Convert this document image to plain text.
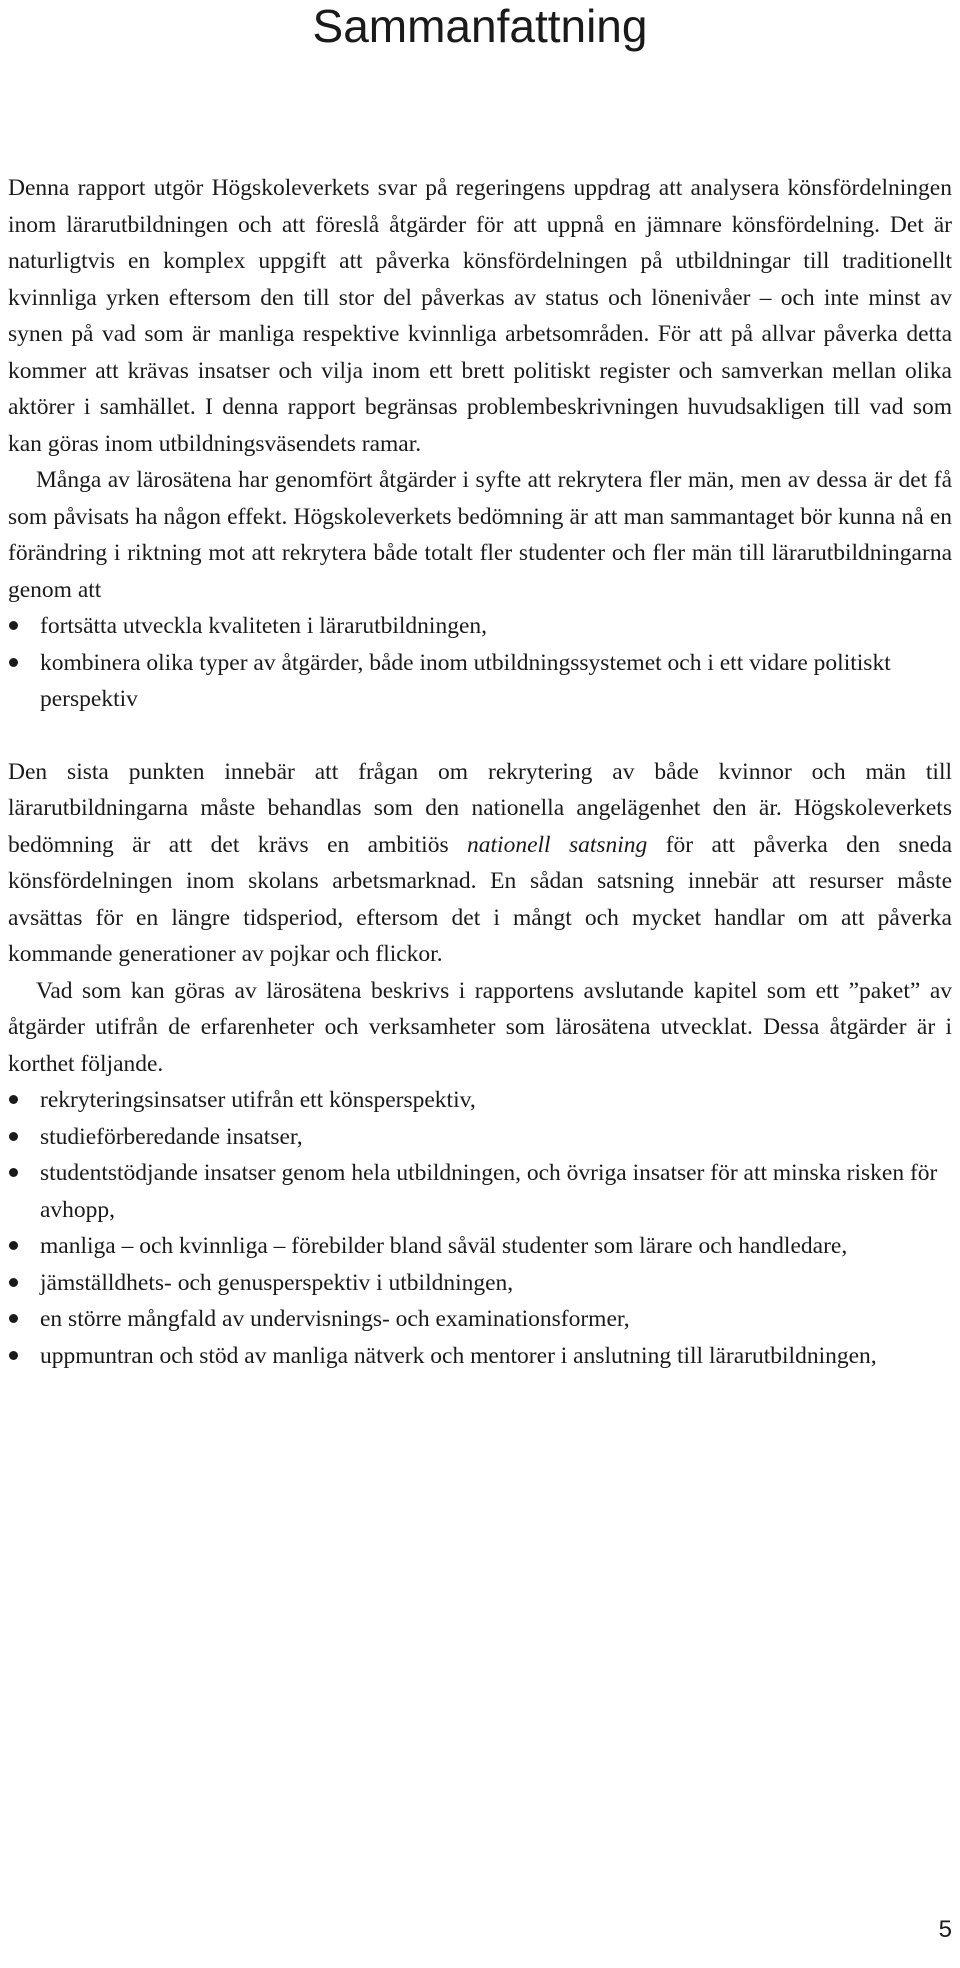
Sammanfattning

Denna rapport utgör Högskoleverkets svar på regeringens uppdrag att analysera könsfördelningen inom lärarutbildningen och att föreslå åtgärder för att uppnå en jämnare könsfördelning. Det är naturligtvis en komplex uppgift att påverka könsfördelningen på utbildningar till traditionellt kvinnliga yrken eftersom den till stor del påverkas av status och lönenivåer – och inte minst av synen på vad som är manliga respektive kvinnliga arbetsområden. För att på allvar påverka detta kommer att krävas insatser och vilja inom ett brett politiskt register och samverkan mellan olika aktörer i samhället. I denna rapport begränsas problembeskrivningen huvudsakligen till vad som kan göras inom utbildningsväsendets ramar.

Många av lärosätena har genomfört åtgärder i syfte att rekrytera fler män, men av dessa är det få som påvisats ha någon effekt. Högskoleverkets bedömning är att man sammantaget bör kunna nå en förändring i riktning mot att rekrytera både totalt fler studenter och fler män till lärarutbildningarna genom att

fortsätta utveckla kvaliteten i lärarutbildningen,
kombinera olika typer av åtgärder, både inom utbildningssystemet och i ett vidare politiskt perspektiv

Den sista punkten innebär att frågan om rekrytering av både kvinnor och män till lärarutbildningarna måste behandlas som den nationella angelägenhet den är. Högskoleverkets bedömning är att det krävs en ambitiös nationell satsning för att påverka den sneda könsfördelningen inom skolans arbetsmarknad. En sådan satsning innebär att resurser måste avsättas för en längre tidsperiod, eftersom det i mångt och mycket handlar om att påverka kommande generationer av pojkar och flickor.

Vad som kan göras av lärosätena beskrivs i rapportens avslutande kapitel som ett ”paket” av åtgärder utifrån de erfarenheter och verksamheter som lärosätena utvecklat. Dessa åtgärder är i korthet följande.

rekryteringsinsatser utifrån ett könsperspektiv,
studieförberedande insatser,
studentstödjande insatser genom hela utbildningen, och övriga insatser för att minska risken för avhopp,
manliga – och kvinnliga – förebilder bland såväl studenter som lärare och handledare,
jämställdhets- och genusperspektiv i utbildningen,
en större mångfald av undervisnings- och examinationsformer,
uppmuntran och stöd av manliga nätverk och mentorer i anslutning till lärarutbildningen,
5
